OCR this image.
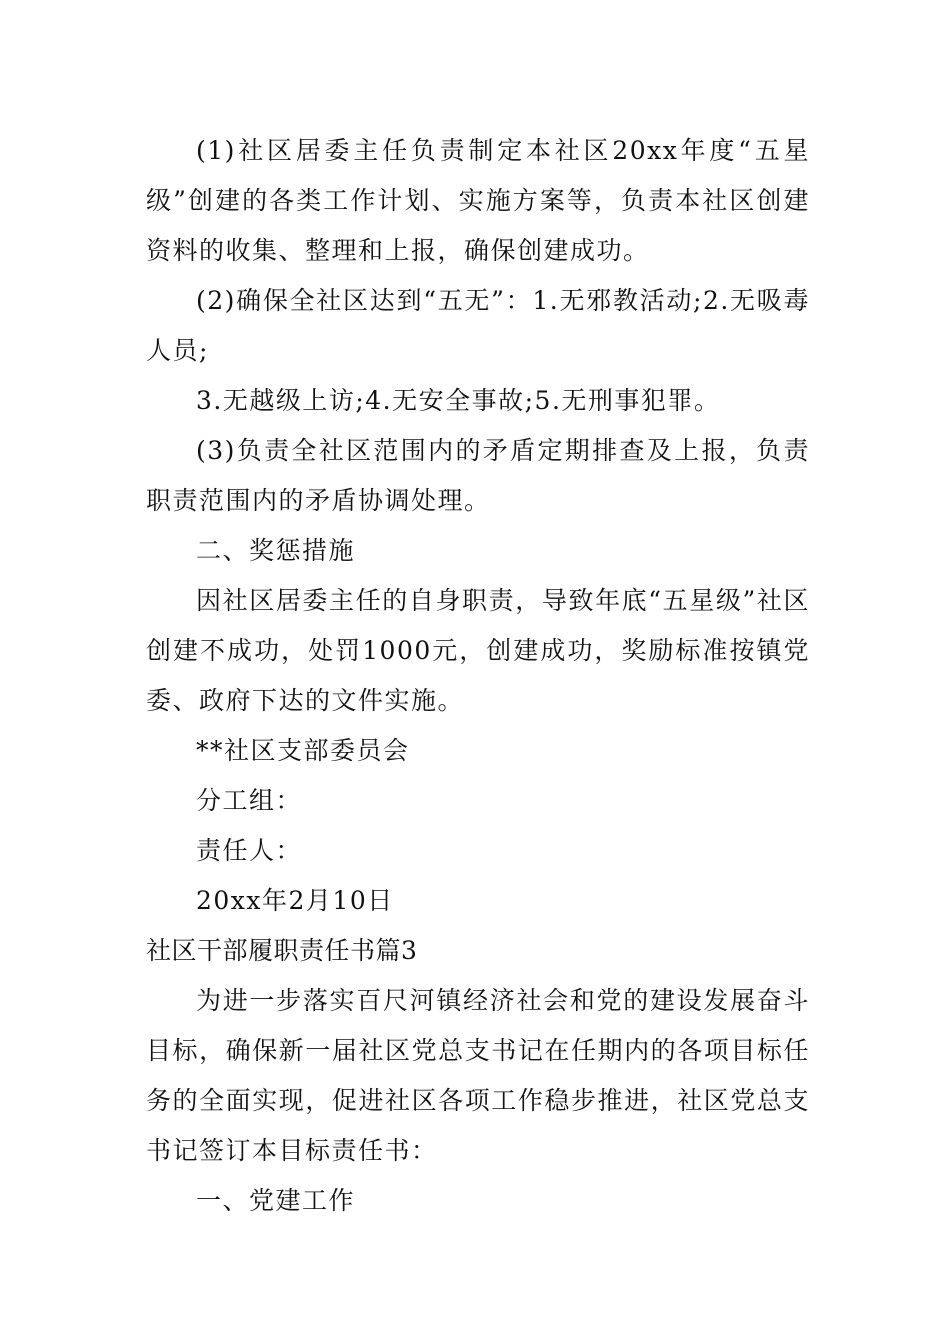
(1)社区居委主任负责制定本社区20xx年度“五星级”创建的各类工作计划、实施方案等，负责本社区创建资料的收集、整理和上报，确保创建成功。

(2)确保全社区达到“五无”：1.无邪教活动;2.无吸毒人员;

3.无越级上访;4.无安全事故;5.无刑事犯罪。

(3)负责全社区范围内的矛盾定期排查及上报，负责职责范围内的矛盾协调处理。

二、奖惩措施

因社区居委主任的自身职责，导致年底“五星级”社区创建不成功，处罚1000元，创建成功，奖励标准按镇党委、政府下达的文件实施。

**社区支部委员会

分工组：

责任人：

20xx年2月10日

社区干部履职责任书篇3

为进一步落实百尺河镇经济社会和党的建设发展奋斗目标，确保新一届社区党总支书记在任期内的各项目标任务的全面实现，促进社区各项工作稳步推进，社区党总支书记签订本目标责任书：

一、党建工作
